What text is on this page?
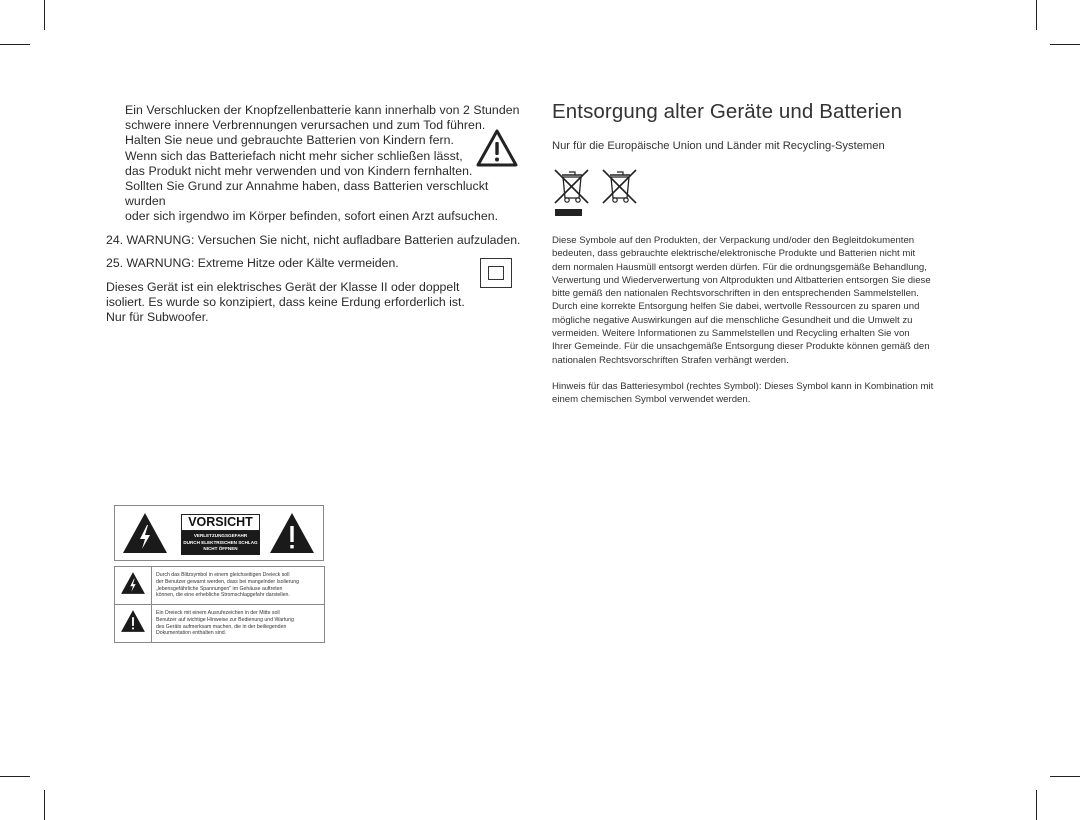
Ein Verschlucken der Knopfzellenbatterie kann innerhalb von 2 Stunden
schwere innere Verbrennungen verursachen und zum Tod führen.
Halten Sie neue und gebrauchte Batterien von Kindern fern.
Wenn sich das Batteriefach nicht mehr sicher schließen lässt,
das Produkt nicht mehr verwenden und von Kindern fernhalten.
Sollten Sie Grund zur Annahme haben, dass Batterien verschluckt wurden
oder sich irgendwo im Körper befinden, sofort einen Arzt aufsuchen.
24. WARNUNG: Versuchen Sie nicht, nicht aufladbare Batterien aufzuladen.
25. WARNUNG: Extreme Hitze oder Kälte vermeiden.
Dieses Gerät ist ein elektrisches Gerät der Klasse II oder doppelt
isoliert. Es wurde so konzipiert, dass keine Erdung erforderlich ist.
Nur für Subwoofer.
Entsorgung alter Geräte und Batterien
Nur für die Europäische Union und Länder mit Recycling-Systemen

Diese Symbole auf den Produkten, der Verpackung und/oder den Begleitdokumenten
bedeuten, dass gebrauchte elektrische/elektronische Produkte und Batterien nicht mit
dem normalen Hausmüll entsorgt werden dürfen. Für die ordnungsgemäße Behandlung,
Verwertung und Wiederverwertung von Altprodukten und Altbatterien entsorgen Sie diese
bitte gemäß den nationalen Rechtsvorschriften in den entsprechenden Sammelstellen.
Durch eine korrekte Entsorgung helfen Sie dabei, wertvolle Ressourcen zu sparen und
mögliche negative Auswirkungen auf die menschliche Gesundheit und die Umwelt zu
vermeiden. Weitere Informationen zu Sammelstellen und Recycling erhalten Sie von
Ihrer Gemeinde. Für die unsachgemäße Entsorgung dieser Produkte können gemäß den
nationalen Rechtsvorschriften Strafen verhängt werden.

Hinweis für das Batteriesymbol (rechtes Symbol): Dieses Symbol kann in Kombination mit
einem chemischen Symbol verwendet werden.

VORSICHT
VERLETZUNGSGEFAHR
DURCH ELEKTRISCHEN SCHLAG
NICHT ÖFFNEN

Durch das Blitzsymbol in einem gleichseitigen Dreieck soll
der Benutzer gewarnt werden, dass bei mangelnder Isolierung
„lebensgefährliche Spannungen" im Gehäuse auftreten
können, die eine erhebliche Stromschlaggefahr darstellen.

Ein Dreieck mit einem Ausrufezeichen in der Mitte soll
Benutzer auf wichtige Hinweise zur Bedienung und Wartung
des Geräts aufmerksam machen, die in der beiliegenden
Dokumentation enthalten sind.
